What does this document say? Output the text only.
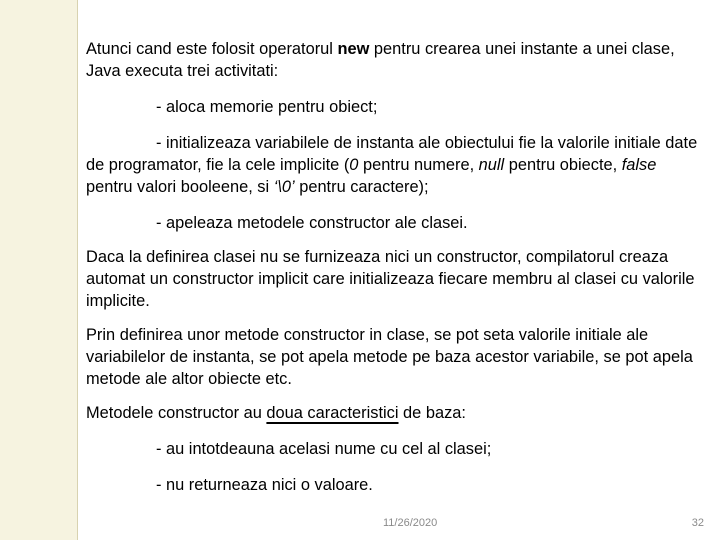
Atunci cand este folosit operatorul new pentru crearea unei instante a unei clase, Java executa trei activitati:

- aloca memorie pentru obiect;

- initializeaza variabilele de instanta ale obiectului fie la valorile initiale date de programator, fie la cele implicite (0 pentru numere, null pentru obiecte, false pentru valori booleene, si ‘\0’ pentru caractere);

- apeleaza metodele constructor ale clasei.

Daca la definirea clasei nu se furnizeaza nici un constructor, compilatorul creaza automat un constructor implicit care initializeaza fiecare membru al clasei cu valorile implicite.

Prin definirea unor metode constructor in clase, se pot seta valorile initiale ale variabilelor de instanta, se pot apela metode pe baza acestor variabile, se pot apela metode ale altor obiecte etc.

Metodele constructor au doua caracteristici de baza:

- au intotdeauna acelasi nume cu cel al clasei;

- nu returneaza nici o valoare.

11/26/2020	32
